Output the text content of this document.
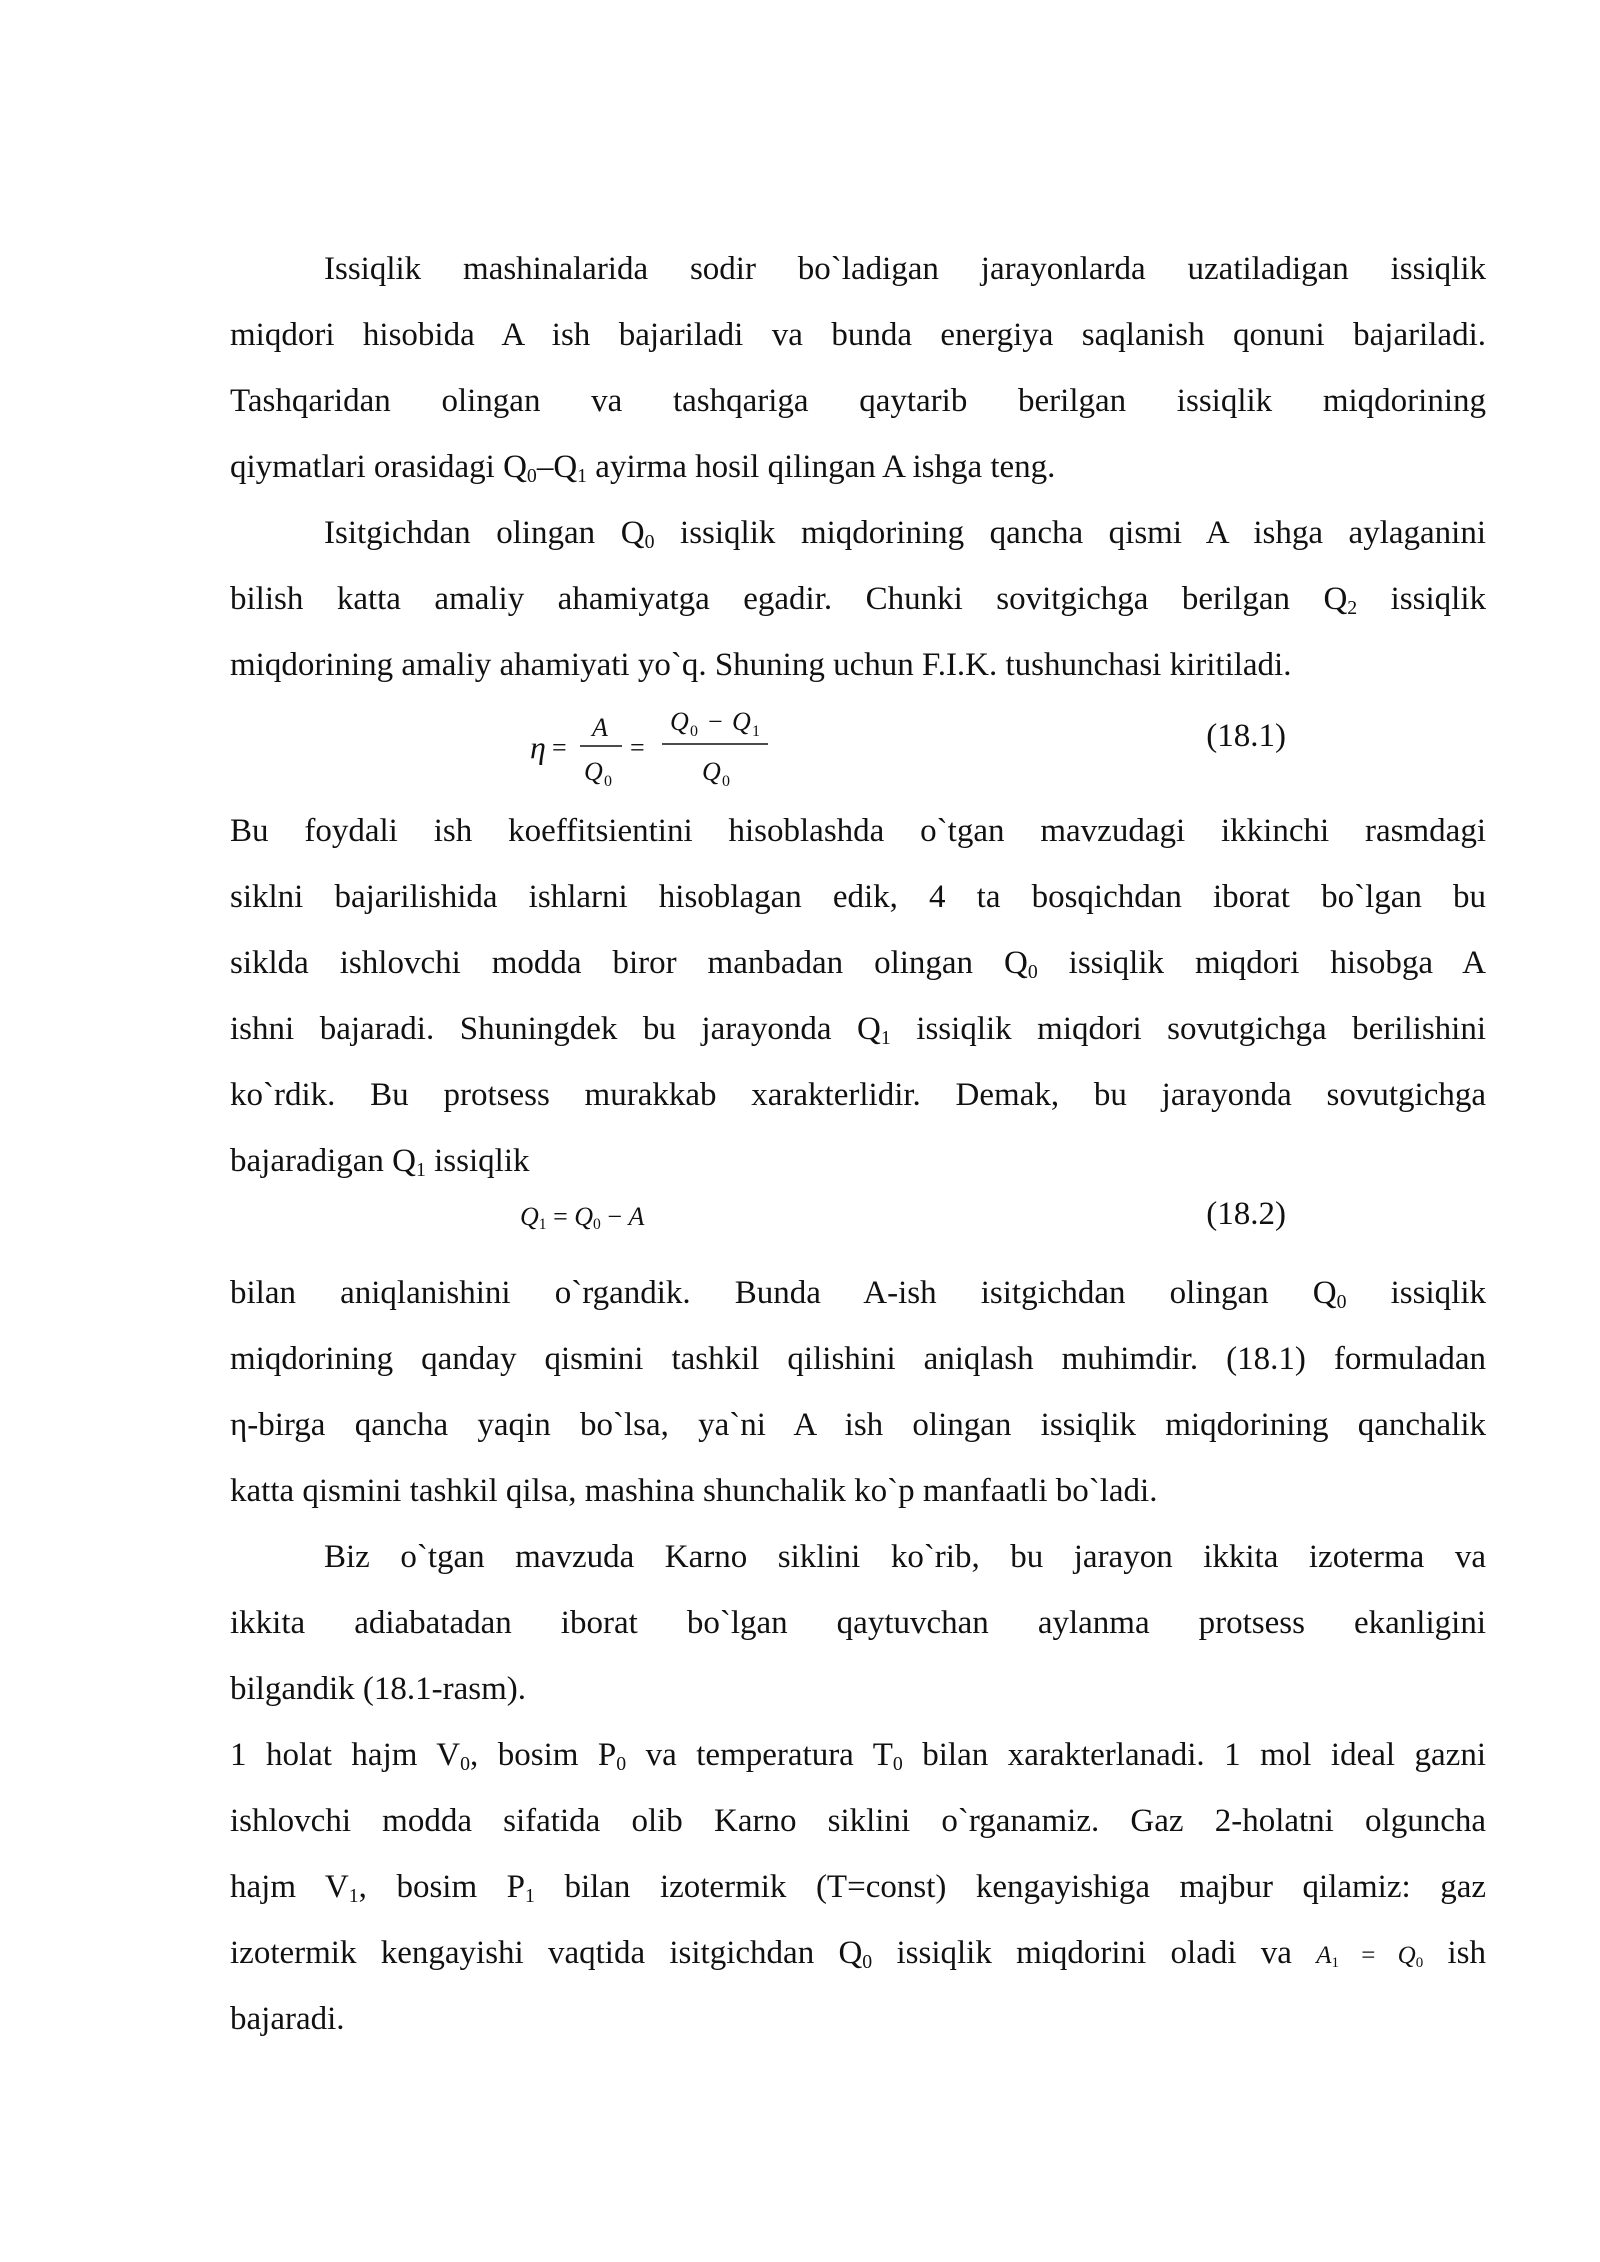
Issiqlik mashinalarida sodir bo`ladigan jarayonlarda uzatiladigan issiqlik
miqdori hisobida A ish bajariladi va bunda energiya saqlanish qonuni bajariladi.
Tashqaridan olingan va tashqariga qaytarib berilgan issiqlik miqdorining
qiymatlari orasidagi $Q_0-Q_1$ ayirma hosil qilingan A ishga teng.
Isitgichdan olingan $Q_0$ issiqlik miqdorining qancha qismi A ishga aylaganini
bilish katta amaliy ahamiyatga egadir. Chunki sovitgichga berilgan $Q_2$ issiqlik
miqdorining amaliy ahamiyati yo`q. Shuning uchun F.I.K. tushunchasi kiritiladi.
η =
A
Q 0
=
Q 0 − Q 1
Q 0
(18.1)
Bu foydali ish koeffitsientini hisoblashda o`tgan mavzudagi ikkinchi rasmdagi
siklni bajarilishida ishlarni hisoblagan edik, 4 ta bosqichdan iborat bo`lgan bu
siklda ishlovchi modda biror manbadan olingan $Q_0$ issiqlik miqdori hisobga A
ishni bajaradi. Shuningdek bu jarayonda $Q_1$ issiqlik miqdori sovutgichga berilishini
ko`rdik. Bu protsess murakkab xarakterlidir. Demak, bu jarayonda sovutgichga
bajaradigan $Q_1$ issiqlik
$Q_1 = Q_0 - A$	(18.2)
bilan aniqlanishini o`rgandik. Bunda A-ish isitgichdan olingan $Q_0$ issiqlik
miqdorining qanday qismini tashkil qilishini aniqlash muhimdir. (18.1) formuladan
η-birga qancha yaqin bo`lsa, ya`ni A ish olingan issiqlik miqdorining qanchalik
katta qismini tashkil qilsa, mashina shunchalik ko`p manfaatli bo`ladi.
Biz o`tgan mavzuda Karno siklini ko`rib, bu jarayon ikkita izoterma va
ikkita adiabatadan iborat bo`lgan qaytuvchan aylanma protsess ekanligini
bilgandik (18.1-rasm).
1 holat hajm $V_0$, bosim $P_0$ va temperatura $T_0$ bilan xarakterlanadi. 1 mol ideal gazni
ishlovchi modda sifatida olib Karno siklini o`rganamiz. Gaz 2-holatni olguncha
hajm $V_1$, bosim $P_1$ bilan izotermik (T=const) kengayishiga majbur qilamiz: gaz
izotermik kengayishi vaqtida isitgichdan $Q_0$ issiqlik miqdorini oladi va $A_1 = Q_0$ ish
bajaradi.
